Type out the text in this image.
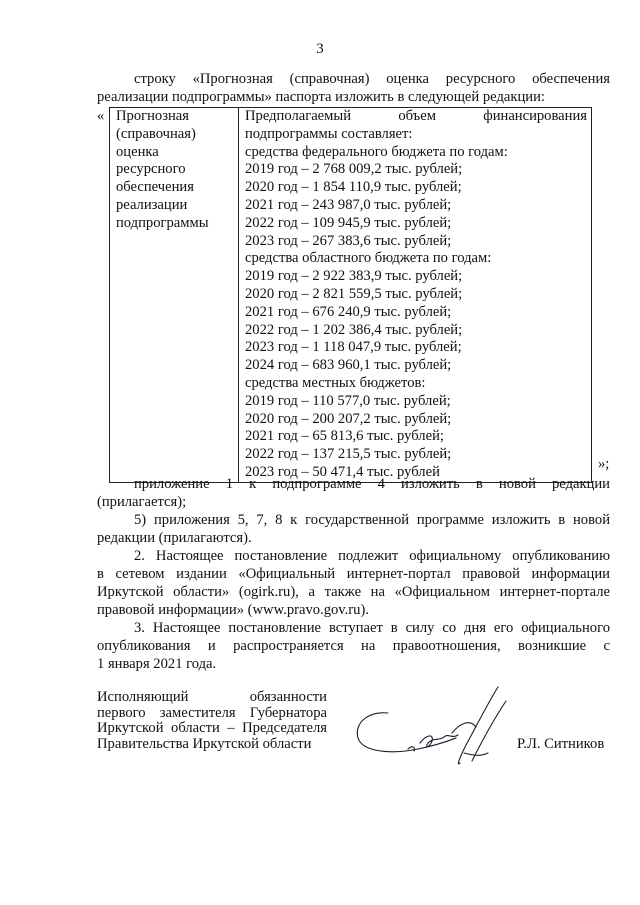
3
строку «Прогнозная (справочная) оценка ресурсного обеспечения
реализации подпрограммы» паспорта изложить в следующей редакции:
« Прогнозная
(справочная)
оценка
ресурсного
обеспечения
реализации
подпрограммы

Предполагаемый объем финансирования
подпрограммы составляет:
средства федерального бюджета по годам:
2019 год – 2 768 009,2 тыс. рублей;
2020 год – 1 854 110,9 тыс. рублей;
2021 год – 243 987,0 тыс. рублей;
2022 год – 109 945,9 тыс. рублей;
2023 год – 267 383,6 тыс. рублей;
средства областного бюджета по годам:
2019 год – 2 922 383,9 тыс. рублей;
2020 год – 2 821 559,5 тыс. рублей;
2021 год – 676 240,9 тыс. рублей;
2022 год – 1 202 386,4 тыс. рублей;
2023 год – 1 118 047,9 тыс. рублей;
2024 год – 683 960,1 тыс. рублей;
средства местных бюджетов:
2019 год – 110 577,0 тыс. рублей;
2020 год – 200 207,2 тыс. рублей;
2021 год – 65 813,6 тыс. рублей;
2022 год – 137 215,5 тыс. рублей;
2023 год – 50 471,4 тыс. рублей	»;
приложение 1 к подпрограмме 4 изложить в новой редакции
(прилагается);
5) приложения 5, 7, 8 к государственной программе изложить в новой
редакции (прилагаются).
2. Настоящее постановление подлежит официальному опубликованию
в сетевом издании «Официальный интернет-портал правовой информации
Иркутской области» (ogirk.ru), а также на «Официальном интернет-портале
правовой информации» (www.pravo.gov.ru).
3. Настоящее постановление вступает в силу со дня его официального
опубликования и распространяется на правоотношения, возникшие с
1 января 2021 года.
Исполняющий обязанности
первого заместителя Губернатора
Иркутской области – Председателя
Правительства Иркутской области	Р.Л. Ситников
